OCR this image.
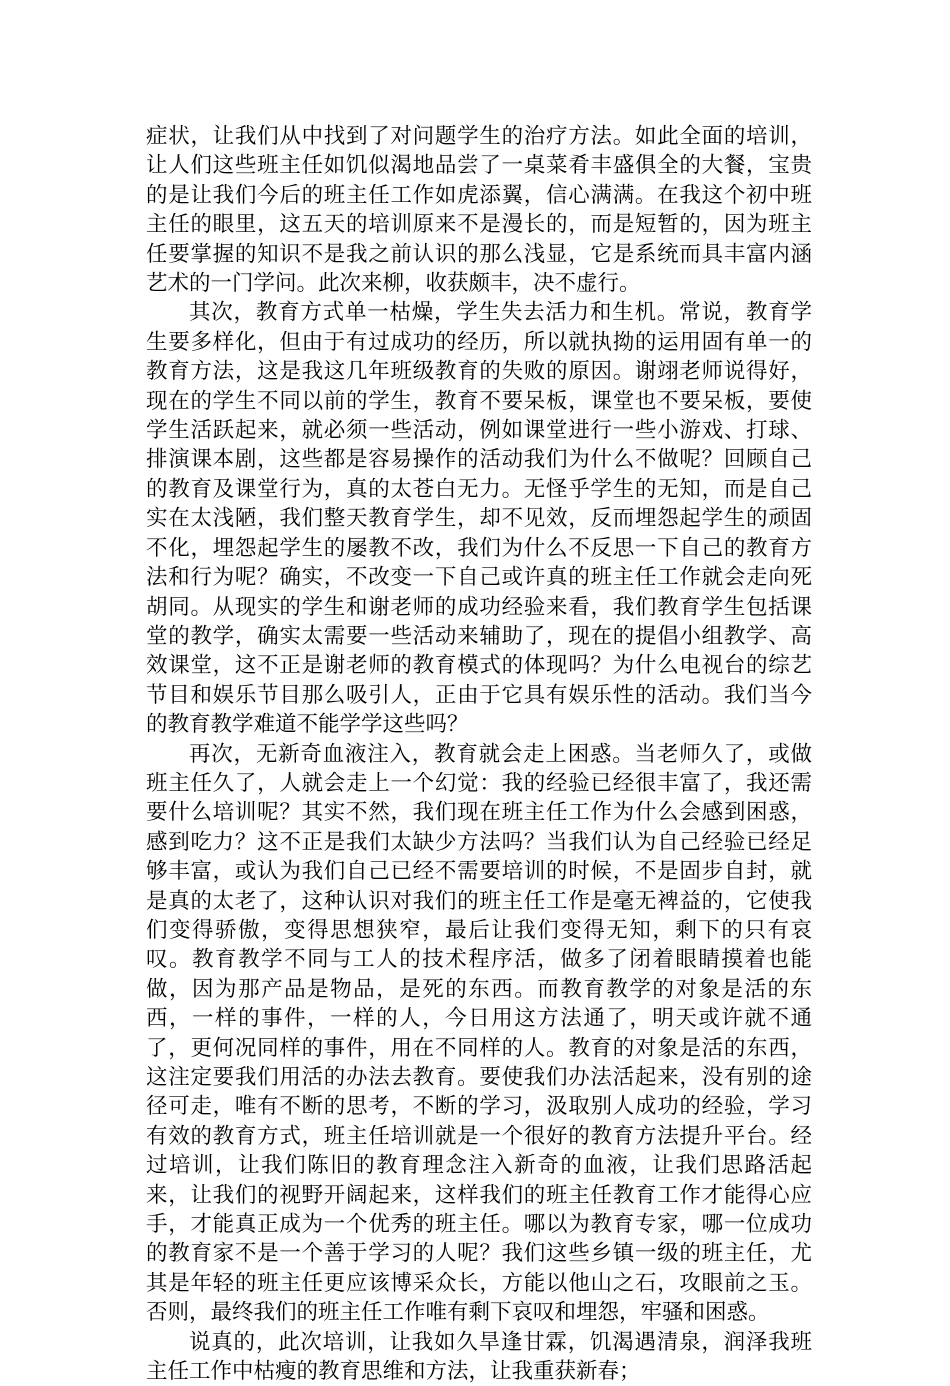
症状，让我们从中找到了对问题学生的治疗方法。如此全面的培训，让人们这些班主任如饥似渴地品尝了一桌菜肴丰盛俱全的大餐，宝贵的是让我们今后的班主任工作如虎添翼，信心满满。在我这个初中班主任的眼里，这五天的培训原来不是漫长的，而是短暂的，因为班主任要掌握的知识不是我之前认识的那么浅显，它是系统而具丰富内涵艺术的一门学问。此次来柳，收获颇丰，决不虚行。

其次，教育方式单一枯燥，学生失去活力和生机。常说，教育学生要多样化，但由于有过成功的经历，所以就执拗的运用固有单一的教育方法，这是我这几年班级教育的失败的原因。谢翊老师说得好，现在的学生不同以前的学生，教育不要呆板，课堂也不要呆板，要使学生活跃起来，就必须一些活动，例如课堂进行一些小游戏、打球、排演课本剧，这些都是容易操作的活动我们为什么不做呢？回顾自己的教育及课堂行为，真的太苍白无力。无怪乎学生的无知，而是自己实在太浅陋，我们整天教育学生，却不见效，反而埋怨起学生的顽固不化，埋怨起学生的屡教不改，我们为什么不反思一下自己的教育方法和行为呢？确实，不改变一下自己或许真的班主任工作就会走向死胡同。从现实的学生和谢老师的成功经验来看，我们教育学生包括课堂的教学，确实太需要一些活动来辅助了，现在的提倡小组教学、高效课堂，这不正是谢老师的教育模式的体现吗？为什么电视台的综艺节目和娱乐节目那么吸引人，正由于它具有娱乐性的活动。我们当今的教育教学难道不能学学这些吗？

再次，无新奇血液注入，教育就会走上困惑。当老师久了，或做班主任久了，人就会走上一个幻觉：我的经验已经很丰富了，我还需要什么培训呢？其实不然，我们现在班主任工作为什么会感到困惑，感到吃力？这不正是我们太缺少方法吗？当我们认为自己经验已经足够丰富，或认为我们自己已经不需要培训的时候，不是固步自封，就是真的太老了，这种认识对我们的班主任工作是毫无裨益的，它使我们变得骄傲，变得思想狭窄，最后让我们变得无知，剩下的只有哀叹。教育教学不同与工人的技术程序活，做多了闭着眼睛摸着也能做，因为那产品是物品，是死的东西。而教育教学的对象是活的东西，一样的事件，一样的人，今日用这方法通了，明天或许就不通了，更何况同样的事件，用在不同样的人。教育的对象是活的东西，这注定要我们用活的办法去教育。要使我们办法活起来，没有别的途径可走，唯有不断的思考，不断的学习，汲取别人成功的经验，学习有效的教育方式，班主任培训就是一个很好的教育方法提升平台。经过培训，让我们陈旧的教育理念注入新奇的血液，让我们思路活起来，让我们的视野开阔起来，这样我们的班主任教育工作才能得心应手，才能真正成为一个优秀的班主任。哪以为教育专家，哪一位成功的教育家不是一个善于学习的人呢？我们这些乡镇一级的班主任，尤其是年轻的班主任更应该博采众长，方能以他山之石，攻眼前之玉。否则，最终我们的班主任工作唯有剩下哀叹和埋怨，牢骚和困惑。

说真的，此次培训，让我如久旱逢甘霖，饥渴遇清泉，润泽我班主任工作中枯瘦的教育思维和方法，让我重获新春；
